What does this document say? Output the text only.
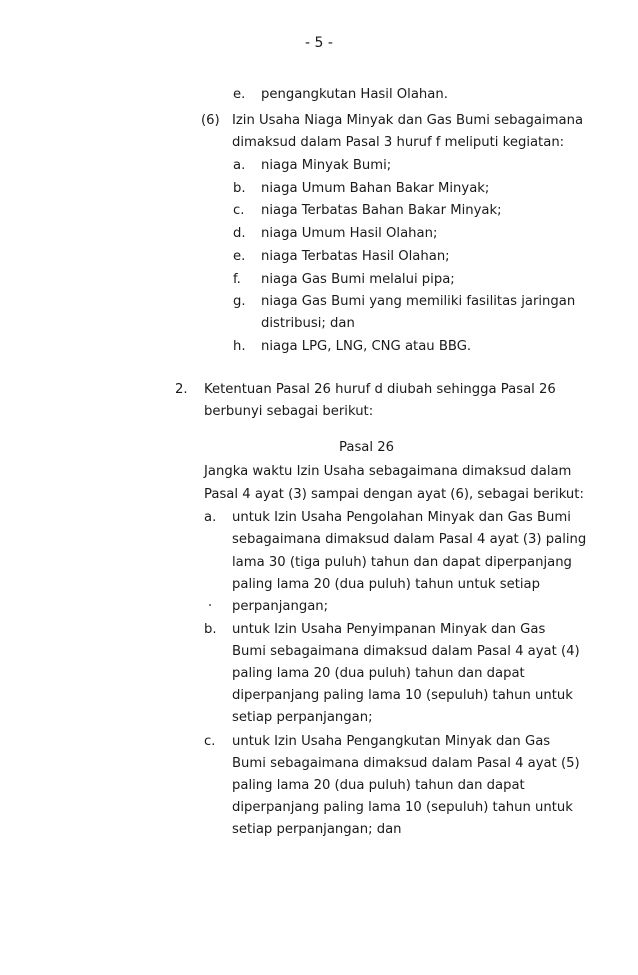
- 5 -
e. pengangkutan Hasil Olahan.
(6) Izin Usaha Niaga Minyak dan Gas Bumi sebagaimana
dimaksud dalam Pasal 3 huruf f meliputi kegiatan:
a. niaga Minyak Bumi;
b. niaga Umum Bahan Bakar Minyak;
c. niaga Terbatas Bahan Bakar Minyak;
d. niaga Umum Hasil Olahan;
e. niaga Terbatas Hasil Olahan;
f. niaga Gas Bumi melalui pipa;
g. niaga Gas Bumi yang memiliki fasilitas jaringan
distribusi; dan
h. niaga LPG, LNG, CNG atau BBG.
2. Ketentuan Pasal 26 huruf d diubah sehingga Pasal 26
berbunyi sebagai berikut:
Pasal 26
Jangka waktu Izin Usaha sebagaimana dimaksud dalam
Pasal 4 ayat (3) sampai dengan ayat (6), sebagai berikut:
a. untuk Izin Usaha Pengolahan Minyak dan Gas Bumi
sebagaimana dimaksud dalam Pasal 4 ayat (3) paling
lama 30 (tiga puluh) tahun dan dapat diperpanjang
paling lama 20 (dua puluh) tahun untuk setiap
perpanjangan;
b. untuk Izin Usaha Penyimpanan Minyak dan Gas
Bumi sebagaimana dimaksud dalam Pasal 4 ayat (4)
paling lama 20 (dua puluh) tahun dan dapat
diperpanjang paling lama 10 (sepuluh) tahun untuk
setiap perpanjangan;
c. untuk Izin Usaha Pengangkutan Minyak dan Gas
Bumi sebagaimana dimaksud dalam Pasal 4 ayat (5)
paling lama 20 (dua puluh) tahun dan dapat
diperpanjang paling lama 10 (sepuluh) tahun untuk
setiap perpanjangan; dan
